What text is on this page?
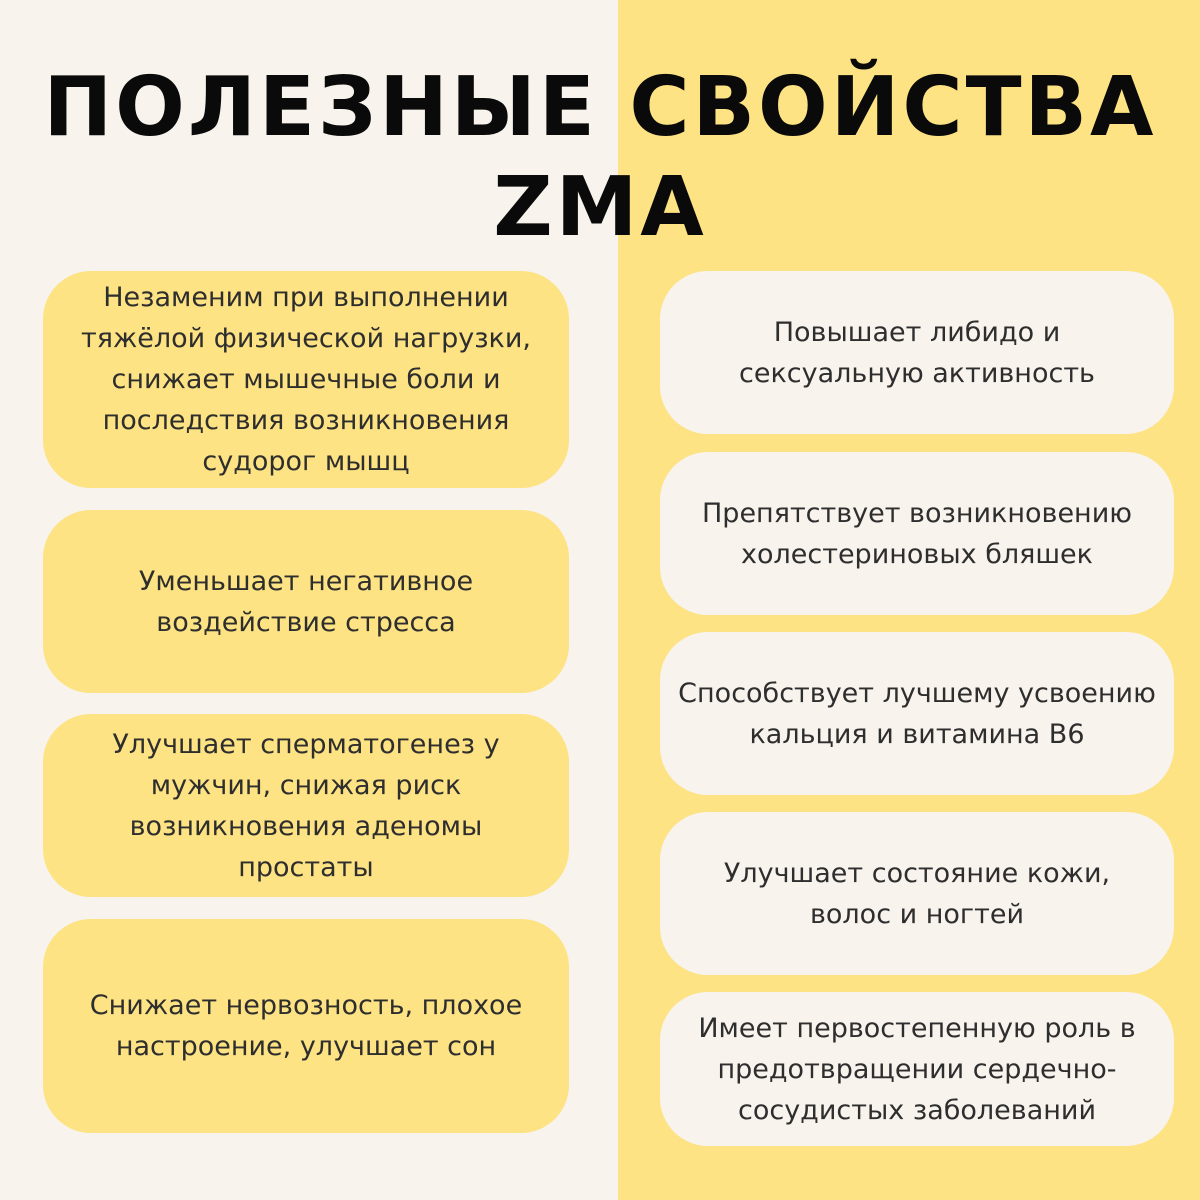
ПОЛЕЗНЫЕ СВОЙСТВА
ZMA
Незаменим при выполнении тяжёлой физической нагрузки, снижает мышечные боли и последствия возникновения судорог мышц
Уменьшает негативное воздействие стресса
Улучшает сперматогенез у мужчин, снижая риск возникновения аденомы простаты
Снижает нервозность, плохое настроение, улучшает сон
Повышает либидо и сексуальную активность
Препятствует возникновению холестериновых бляшек
Способствует лучшему усвоению кальция и витамина B6
Улучшает состояние кожи, волос и ногтей
Имеет первостепенную роль в предотвращении сердечно-сосудистых заболеваний
